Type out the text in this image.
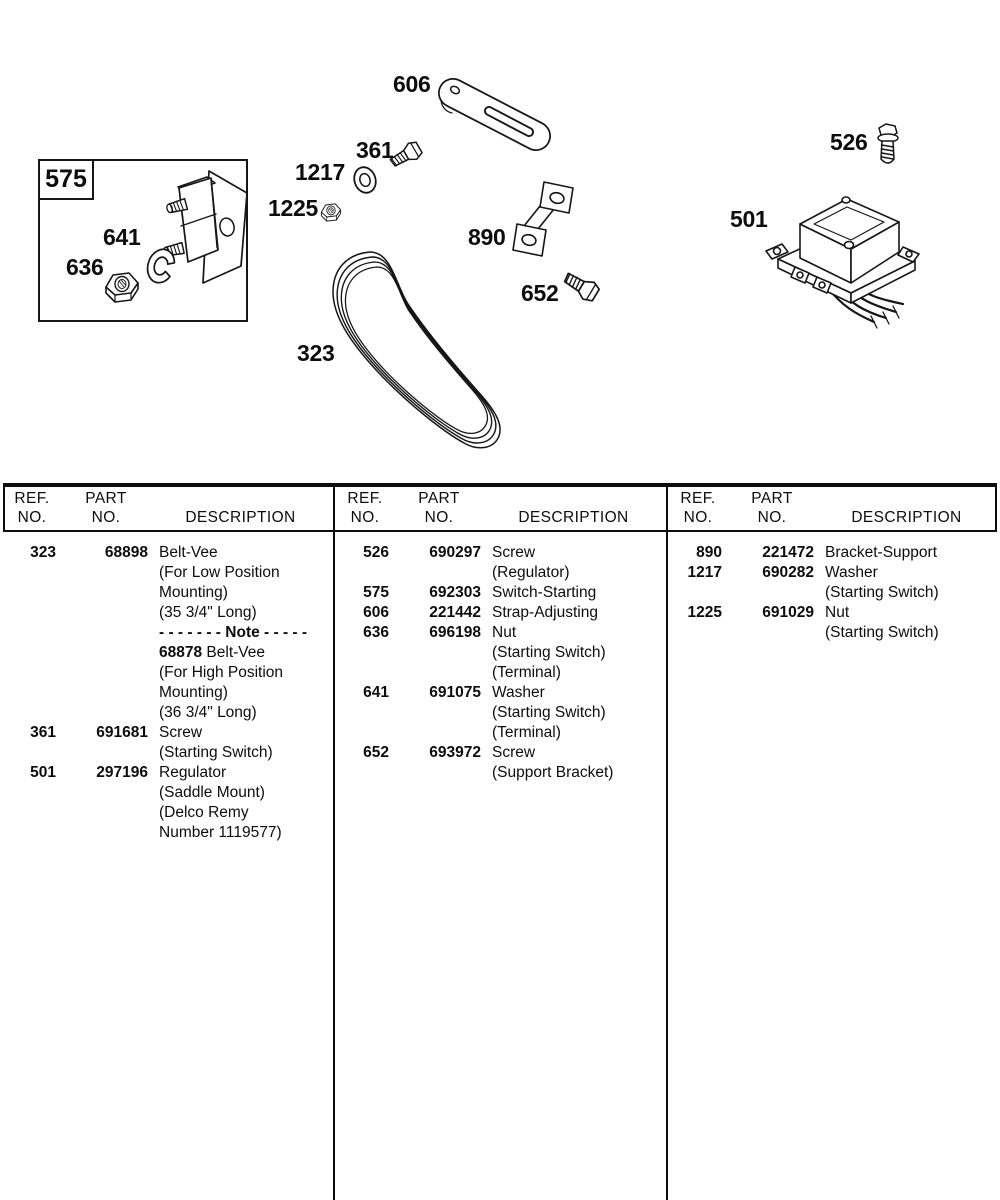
575
606
361
1217
1225
641
636
890
652
323
526
501
REF.
NO.
PART
NO.	DESCRIPTION
323	68898 Belt-Vee
(For Low Position
Mounting)
(35 3/4" Long)
- - - - - - - Note - - - - -
68878 Belt-Vee
(For High Position
Mounting)
(36 3/4" Long)
361	691681 Screw
(Starting Switch)
501	297196 Regulator
(Saddle Mount)
(Delco Remy
Number 1119577)
REF.
NO.
PART
NO.	DESCRIPTION
526	690297 Screw
(Regulator)
575	692303 Switch-Starting
606	221442 Strap-Adjusting
636	696198 Nut
(Starting Switch)
(Terminal)
641	691075 Washer
(Starting Switch)
(Terminal)
652	693972 Screw
(Support Bracket)
REF.
NO.
PART
NO.	DESCRIPTION
890	221472 Bracket-Support
1217	690282 Washer
(Starting Switch)
1225	691029 Nut
(Starting Switch)
